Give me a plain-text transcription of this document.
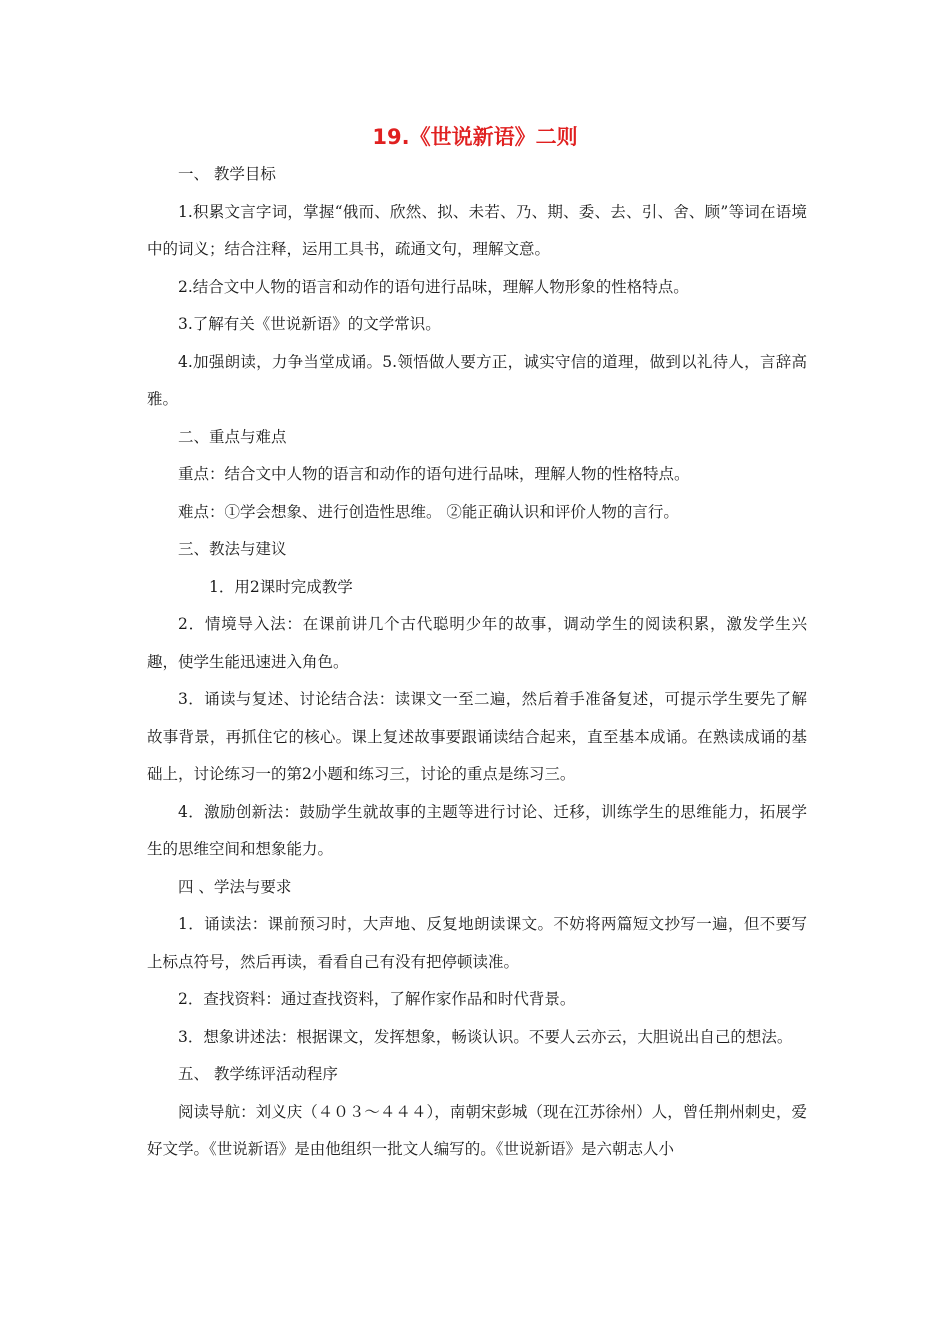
19.《世说新语》二则

一、 教学目标

1.积累文言字词，掌握“俄而、欣然、拟、未若、乃、期、委、去、引、舍、顾”等词在语境中的词义；结合注释，运用工具书，疏通文句，理解文意。

2.结合文中人物的语言和动作的语句进行品味，理解人物形象的性格特点。

3.了解有关《世说新语》的文学常识。

4.加强朗读，力争当堂成诵。5.领悟做人要方正，诚实守信的道理，做到以礼待人，言辞高雅。

二、重点与难点

重点：结合文中人物的语言和动作的语句进行品味，理解人物的性格特点。

难点：①学会想象、进行创造性思维。 ②能正确认识和评价人物的言行。

三、教法与建议

1．用2课时完成教学

2．情境导入法：在课前讲几个古代聪明少年的故事，调动学生的阅读积累，激发学生兴趣，使学生能迅速进入角色。

3．诵读与复述、讨论结合法：读课文一至二遍，然后着手准备复述，可提示学生要先了解故事背景，再抓住它的核心。课上复述故事要跟诵读结合起来，直至基本成诵。在熟读成诵的基础上，讨论练习一的第2小题和练习三，讨论的重点是练习三。

4．激励创新法：鼓励学生就故事的主题等进行讨论、迁移，训练学生的思维能力，拓展学生的思维空间和想象能力。

四 、学法与要求

1．诵读法：课前预习时，大声地、反复地朗读课文。不妨将两篇短文抄写一遍，但不要写上标点符号，然后再读，看看自己有没有把停顿读准。

2．查找资料：通过查找资料，了解作家作品和时代背景。

3．想象讲述法：根据课文，发挥想象，畅谈认识。不要人云亦云，大胆说出自己的想法。

五、 教学练评活动程序

阅读导航：刘义庆（４０３～４４４），南朝宋彭城（现在江苏徐州）人，曾任荆州刺史，爱好文学。《世说新语》是由他组织一批文人编写的。《世说新语》是六朝志人小
